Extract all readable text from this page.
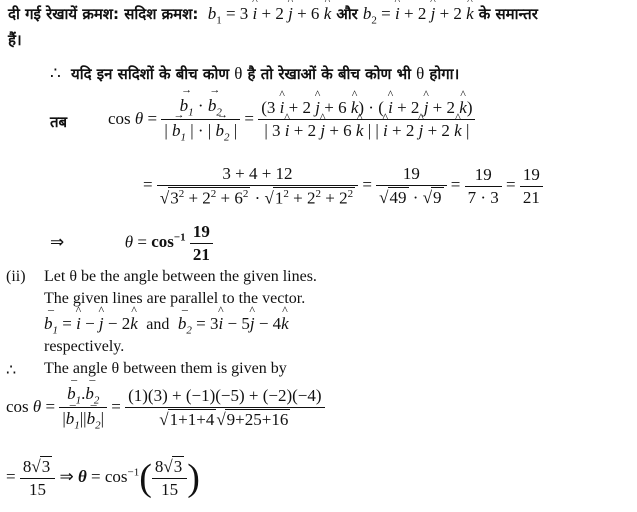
दी गई रेखायें क्रमश: सदिश क्रमश: $b_1 = 3$ ^ i + 2 ^ j + 6 ^ k और $b_2$ = ^ i + 2 ^ j + 2 ^ k के समान्तर
हैं।
∴ यदि इन सदिशों के बीच कोण θ है तो रेखाओं के बीच कोण भी θ होगा।
तब cos θ = → $\frac{b_1 \cdot \to b_2}{| \to b_1 | \cdot | \to b_2 |} = \frac{(3 \^{} i + 2 \^{} j + 6 \^{} k) \cdot ( \^{} i + 2 \^{} j + 2 \^{} k)}{| 3 \^{} i + 2 \^{} j + 6 \^{} k | | \^{} i + 2 \^{} j + 2 \^{} k |}$
= $\frac{3 + 4 + 12}{√3^2 + 2^2 + 6^2 \cdot √1^2 + 2^2 + 2^2} = \frac{19}{√49 \cdot √9} = \frac{19}{7 \cdot 3} = \frac{19}{21}$
⇒	$\theta = \cos^{-1} \frac{19}{21}$
(ii) Let θ be the angle between the given lines.
The given lines are parallel to the vector.
– $b_1$ = ^ i − ^ j − 2^ k and – $b_2$ = 3^ i − 5^ j − 4^ k
respectively.
∴ The angle θ between them is given by
cos θ = – $\frac{b_1.- b_2}{|- b_1||- b_2|} = \frac{(1)(3) + (-1)(-5) + (-2)(-4)}{√1+1+4 √9+25+16}$
= $\frac{8√3}{15}$ ⇒ $\theta = \cos^{-1}( \frac{8√3}{15}$ )
